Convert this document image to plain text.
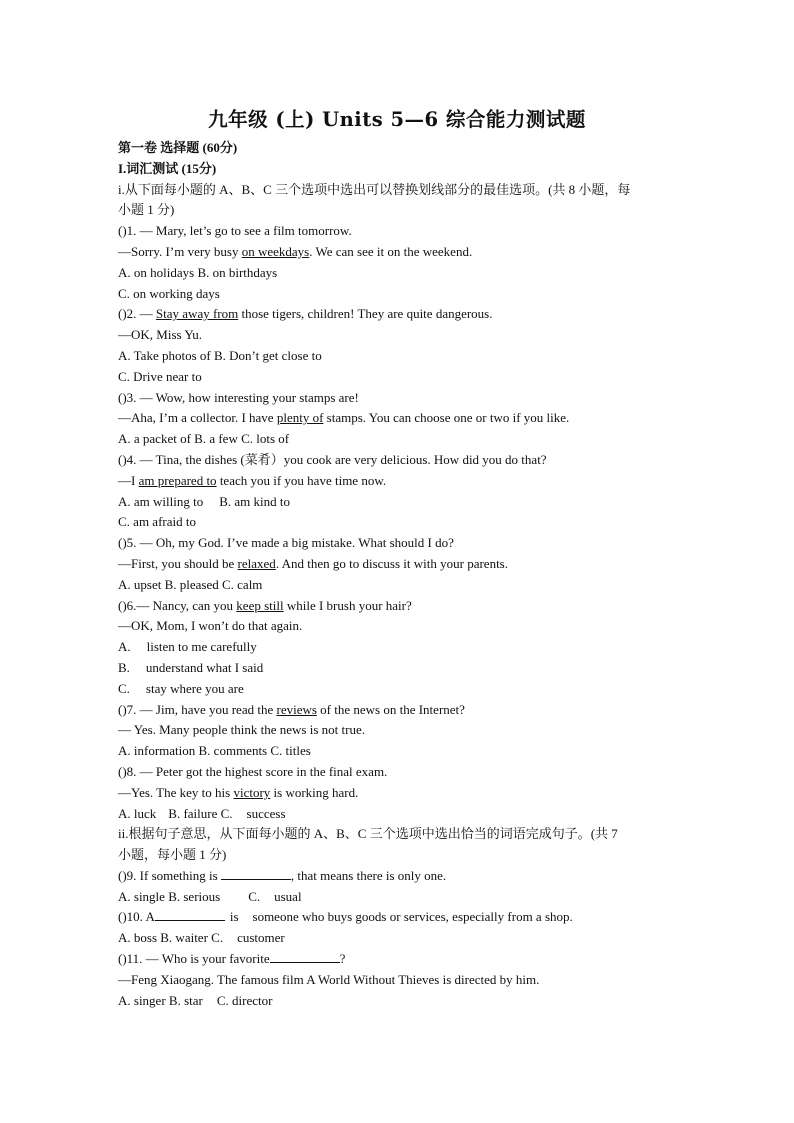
九年级 (上) Units 5—6 综合能力测试题
第一卷 选择题 (60分)
I.词汇测试 (15分)
i.从下面每小题的 A、B、C 三个选项中选出可以替换划线部分的最佳选项。(共 8 小题，每
小题 1 分)
()1. — Mary, let’s go to see a film tomorrow.
—Sorry. I’m very busy on weekdays. We can see it on the weekend.
A. on holidays B. on birthdays
C. on working days
()2. — Stay away from those tigers, children! They are quite dangerous.
—OK, Miss Yu.
A. Take photos of B. Don’t get close to
C. Drive near to
()3. — Wow, how interesting your stamps are!
—Aha, I’m a collector. I have plenty of stamps. You can choose one or two if you like.
A. a packet of B. a few C. lots of
()4. — Tina, the dishes (菜肴）you cook are very delicious. How did you do that?
—I am prepared to teach you if you have time now.
A. am willing to B. am kind to
C. am afraid to
()5. — Oh, my God. I’ve made a big mistake. What should I do?
—First, you should be relaxed. And then go to discuss it with your parents.
A. upset B. pleased C. calm
()6.— Nancy, can you keep still while I brush your hair?
—OK, Mom, I won’t do that again.
A. listen to me carefully
B. understand what I said
C. stay where you are
()7. — Jim, have you read the reviews of the news on the Internet?
— Yes. Many people think the news is not true.
A. information B. comments C. titles
()8. — Peter got the highest score in the final exam.
—Yes. The key to his victory is working hard.
A. luck B. failure C. success
ii.根据句子意思，从下面每小题的 A、B、C 三个选项中选出恰当的词语完成句子。(共 7
小题，每小题 1 分)
()9. If something is	, that means there is only one.
A. single B. serious C. usual
()10. A	is someone who buys goods or services, especially from a shop.
A. boss B. waiter C. customer
()11. — Who is your favorite	?
—Feng Xiaogang. The famous film A World Without Thieves is directed by him.
A. singer B. star C. director
